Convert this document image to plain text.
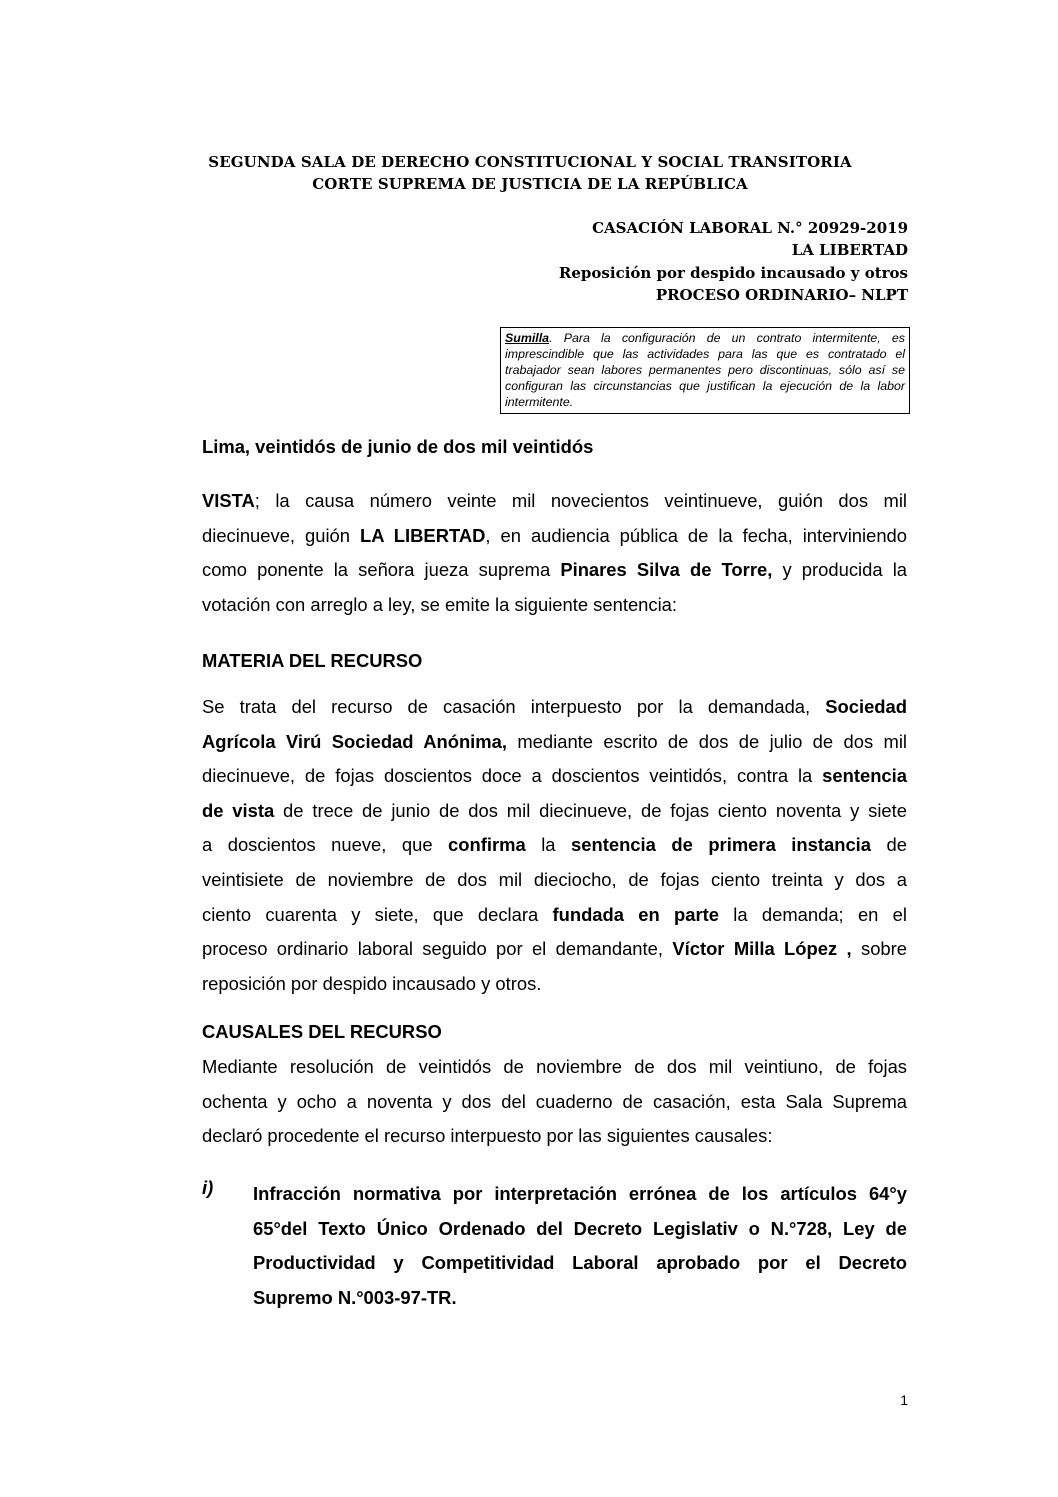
SEGUNDA SALA DE DERECHO CONSTITUCIONAL Y SOCIAL TRANSITORIA
CORTE SUPREMA DE JUSTICIA DE LA REPÚBLICA
CASACIÓN LABORAL N.° 20929-2019
LA LIBERTAD
Reposición por despido incausado y otros
PROCESO ORDINARIO– NLPT
Sumilla. Para la configuración de un contrato intermitente, es imprescindible que las actividades para las que es contratado el trabajador sean labores permanentes pero discontinuas, sólo así se configuran las circunstancias que justifican la ejecución de la labor intermitente.
Lima, veintidós de junio de dos mil veintidós
VISTA; la causa número veinte mil novecientos veintinueve, guión dos mil
diecinueve, guión LA LIBERTAD, en audiencia pública de la fecha, interviniendo
como ponente la señora jueza suprema Pinares Silva de Torre, y producida la
votación con arreglo a ley, se emite la siguiente sentencia:
MATERIA DEL RECURSO
Se trata del recurso de casación interpuesto por la demandada, Sociedad
Agrícola Virú Sociedad Anónima, mediante escrito de dos de julio de dos mil
diecinueve, de fojas doscientos doce a doscientos veintidós, contra la sentencia
de vista de trece de junio de dos mil diecinueve, de fojas ciento noventa y siete
a doscientos nueve, que confirma la sentencia de primera instancia de
veintisiete de noviembre de dos mil dieciocho, de fojas ciento treinta y dos a
ciento cuarenta y siete, que declara fundada en parte la demanda; en el
proceso ordinario laboral seguido por el demandante, Víctor Milla López , sobre
reposición por despido incausado y otros.
CAUSALES DEL RECURSO
Mediante resolución de veintidós de noviembre de dos mil veintiuno, de fojas
ochenta y ocho a noventa y dos del cuaderno de casación, esta Sala Suprema
declaró procedente el recurso interpuesto por las siguientes causales:
i) Infracción normativa por interpretación errónea de los artículos 64°y
65°del Texto Único Ordenado del Decreto Legislativ o N.°728, Ley de
Productividad y Competitividad Laboral aprobado por el Decreto
Supremo N.°003-97-TR.
1
